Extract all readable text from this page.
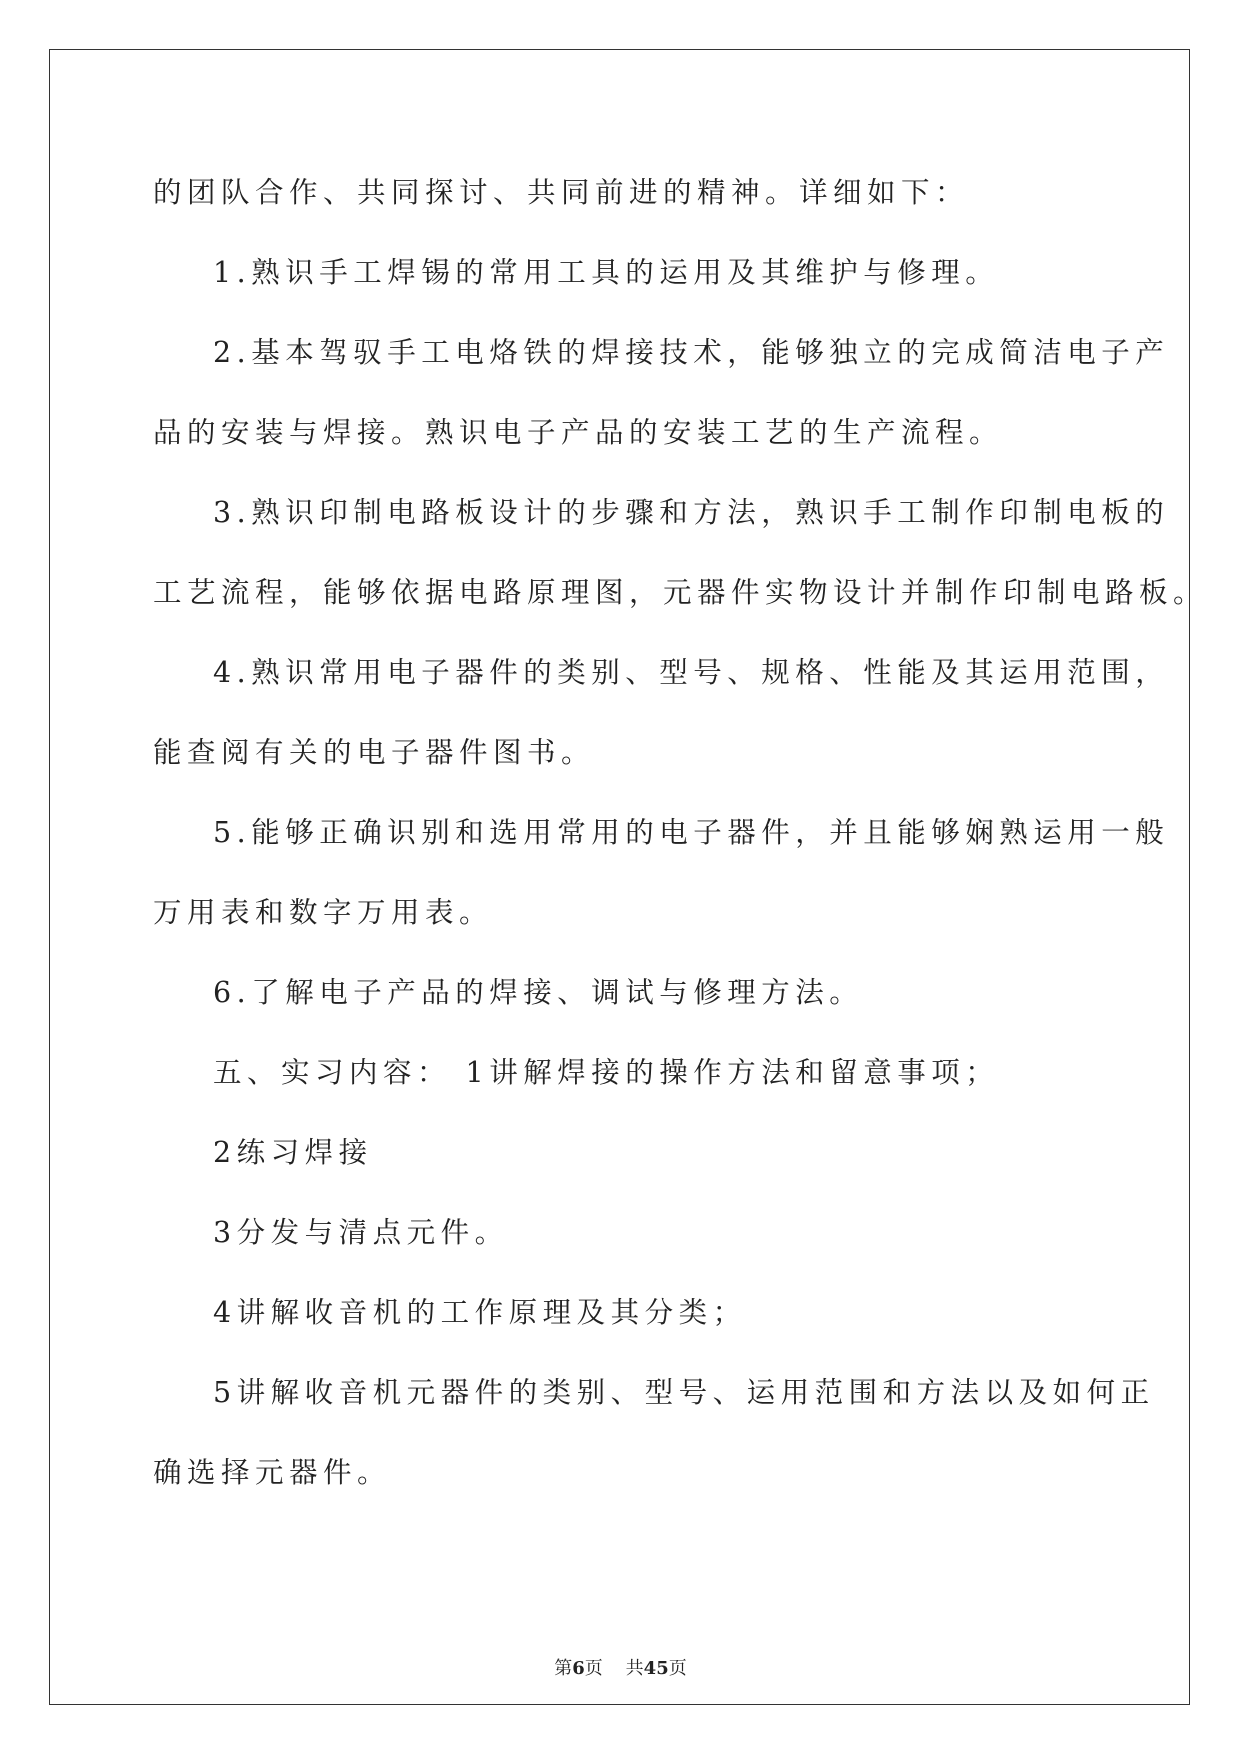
的团队合作、共同探讨、共同前进的精神。详细如下：
1.熟识手工焊锡的常用工具的运用及其维护与修理。
2.基本驾驭手工电烙铁的焊接技术，能够独立的完成简洁电子产
品的安装与焊接。熟识电子产品的安装工艺的生产流程。
3.熟识印制电路板设计的步骤和方法，熟识手工制作印制电板的
工艺流程，能够依据电路原理图，元器件实物设计并制作印制电路板。
4.熟识常用电子器件的类别、型号、规格、性能及其运用范围，
能查阅有关的电子器件图书。
5.能够正确识别和选用常用的电子器件，并且能够娴熟运用一般
万用表和数字万用表。
6.了解电子产品的焊接、调试与修理方法。
五、实习内容： 1讲解焊接的操作方法和留意事项；
2练习焊接
3分发与清点元件。
4讲解收音机的工作原理及其分类；
5讲解收音机元器件的类别、型号、运用范围和方法以及如何正
确选择元器件。
第6页 共45页
